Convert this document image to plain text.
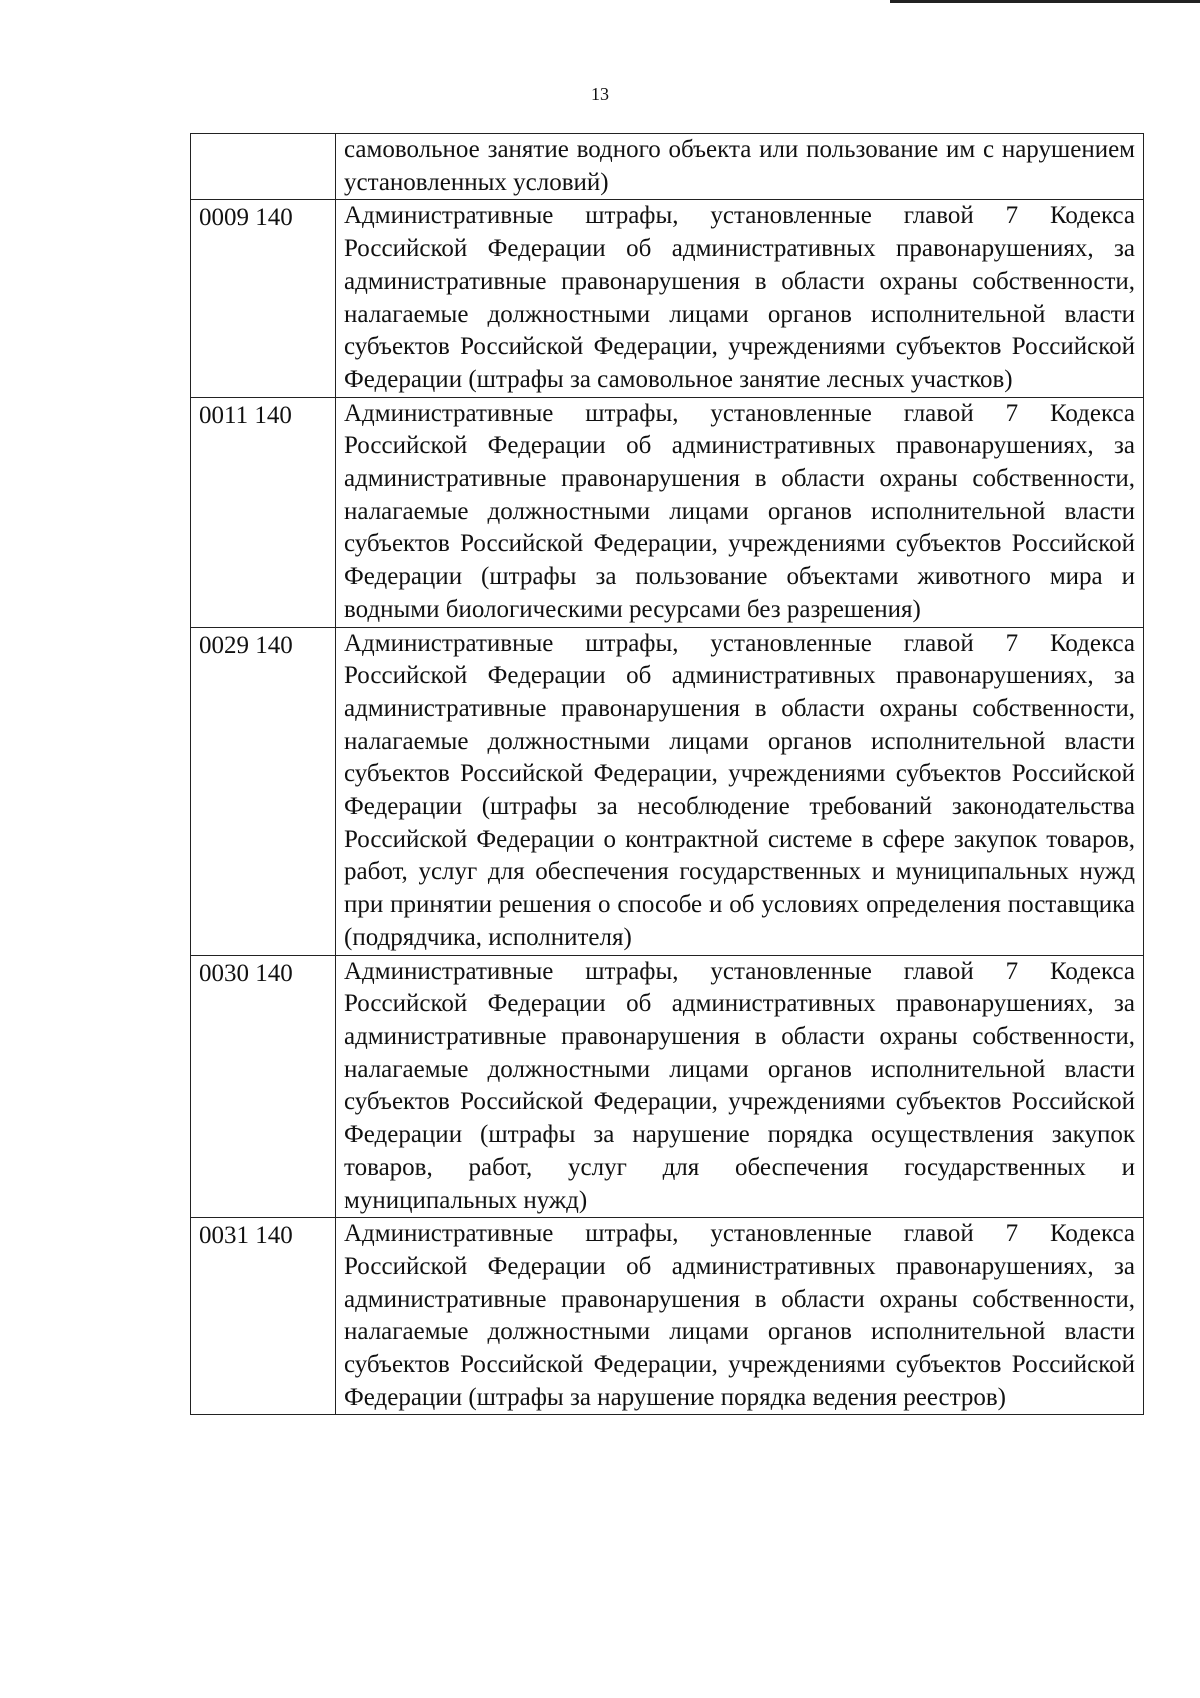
13
	самовольное занятие водного объекта или пользование им с нарушением установленных условий)
0009 140	Административные штрафы, установленные главой 7 Кодекса Российской Федерации об административных правонарушениях, за административные правонарушения в области охраны собственности, налагаемые должностными лицами органов исполнительной власти субъектов Российской Федерации, учреждениями субъектов Российской Федерации (штрафы за самовольное занятие лесных участков)
0011 140	Административные штрафы, установленные главой 7 Кодекса Российской Федерации об административных правонарушениях, за административные правонарушения в области охраны собственности, налагаемые должностными лицами органов исполнительной власти субъектов Российской Федерации, учреждениями субъектов Российской Федерации (штрафы за пользование объектами животного мира и водными биологическими ресурсами без разрешения)
0029 140	Административные штрафы, установленные главой 7 Кодекса Российской Федерации об административных правонарушениях, за административные правонарушения в области охраны собственности, налагаемые должностными лицами органов исполнительной власти субъектов Российской Федерации, учреждениями субъектов Российской Федерации (штрафы за несоблюдение требований законодательства Российской Федерации о контрактной системе в сфере закупок товаров, работ, услуг для обеспечения государственных и муниципальных нужд при принятии решения о способе и об условиях определения поставщика (подрядчика, исполнителя)
0030 140	Административные штрафы, установленные главой 7 Кодекса Российской Федерации об административных правонарушениях, за административные правонарушения в области охраны собственности, налагаемые должностными лицами органов исполнительной власти субъектов Российской Федерации, учреждениями субъектов Российской Федерации (штрафы за нарушение порядка осуществления закупок товаров, работ, услуг для обеспечения государственных и муниципальных нужд)
0031 140	Административные штрафы, установленные главой 7 Кодекса Российской Федерации об административных правонарушениях, за административные правонарушения в области охраны собственности, налагаемые должностными лицами органов исполнительной власти субъектов Российской Федерации, учреждениями субъектов Российской Федерации (штрафы за нарушение порядка ведения реестров)
